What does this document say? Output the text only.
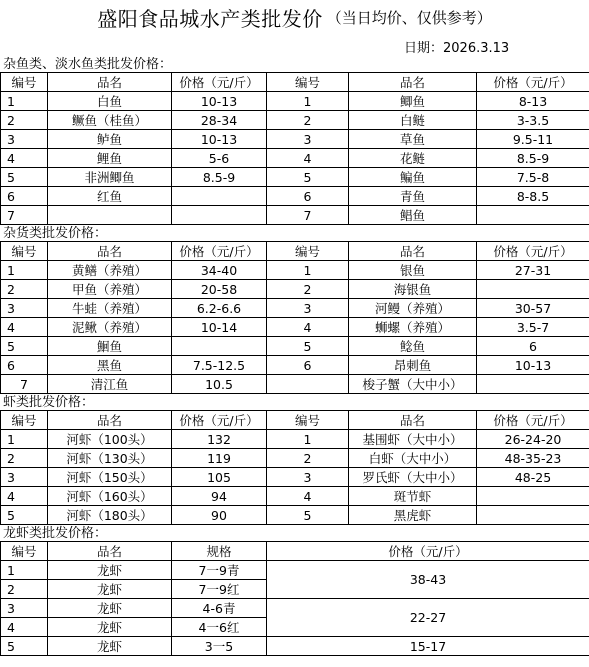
盛阳食品城水产类批发价 （当日均价、仅供参考）
日期：2026.3.13
杂鱼类、淡水鱼类批发价格：
编号	品名	价格（元/斤）	编号	品名	价格（元/斤）
1	白鱼	10-13	1	鲫鱼	8-13
2	鳜鱼（桂鱼）	28-34	2	白鲢	3-3.5
3	鲈鱼	10-13	3	草鱼	9.5-11
4	鲤鱼	5-6	4	花鲢	8.5-9
5	非洲鲫鱼	8.5-9	5	鳊鱼	7.5-8
6	红鱼		6	青鱼	8-8.5
7			7	鲳鱼	
杂货类批发价格：
编号	品名	价格（元/斤）	编号	品名	价格（元/斤）
1	黄鳝（养殖）	34-40	1	银鱼	27-31
2	甲鱼（养殖）	20-58	2	海银鱼	
3	牛蛙（养殖）	6.2-6.6	3	河鳗（养殖）	30-57
4	泥鳅（养殖）	10-14	4	蛳螺（养殖）	3.5-7
5	鮰鱼		5	鲶鱼	6
6	黑鱼	7.5-12.5	6	昂刺鱼	10-13
7	清江鱼	10.5		梭子蟹（大中小）	
虾类批发价格：
编号	品名	价格（元/斤）	编号	品名	价格（元/斤）
1	河虾（100头）	132	1	基围虾（大中小）	26-24-20
2	河虾（130头）	119	2	白虾（大中小）	48-35-23
3	河虾（150头）	105	3	罗氏虾（大中小）	48-25
4	河虾（160头）	94	4	斑节虾	
5	河虾（180头）	90	5	黑虎虾	
龙虾类批发价格：
编号	品名	规格	价格（元/斤）
1	龙虾	7一9青	38-43
2	龙虾	7一9红	
3	龙虾	4-6青	22-27
4	龙虾	4一6红	
5	龙虾	3一5	15-17
